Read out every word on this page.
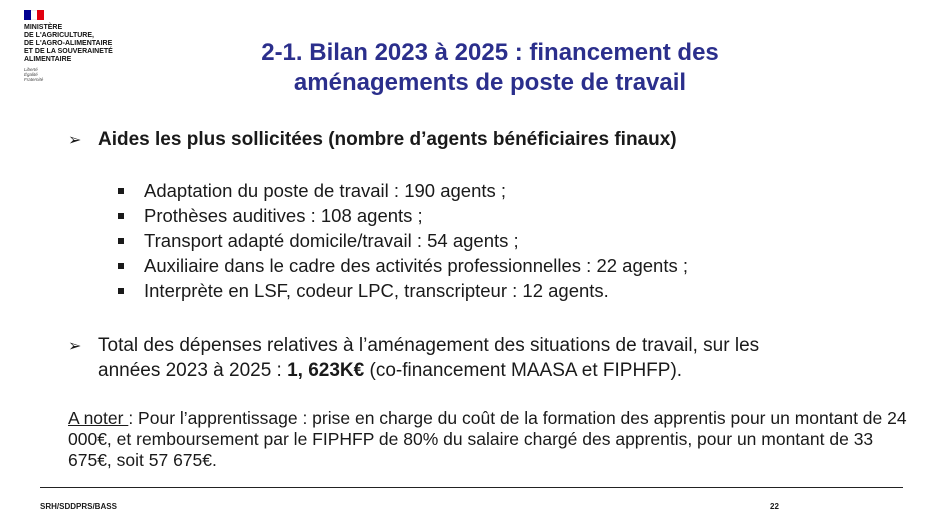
MINISTÈRE
DE L'AGRICULTURE,
DE L'AGRO-ALIMENTAIRE
ET DE LA SOUVERAINETÉ
ALIMENTAIRE
Liberté
Égalité
Fraternité
2-1. Bilan 2023 à 2025 : financement des
aménagements de poste de travail
➢ Aides les plus sollicitées (nombre d’agents bénéficiaires finaux)
Adaptation du poste de travail : 190 agents ;
Prothèses auditives : 108 agents ;
Transport adapté domicile/travail : 54 agents ;
Auxiliaire dans le cadre des activités professionnelles : 22 agents ;
Interprète en LSF, codeur LPC, transcripteur : 12 agents.
➢ Total des dépenses relatives à l’aménagement des situations de travail, sur les
années 2023 à 2025 : 1, 623K€ (co-financement MAASA et FIPHFP).
A noter : Pour l’apprentissage : prise en charge du coût de la formation des apprentis pour un montant de 24 000€, et remboursement par le FIPHFP de 80% du salaire chargé des apprentis, pour un montant de 33 675€, soit 57 675€.
SRH/SDDPRS/BASS	22
